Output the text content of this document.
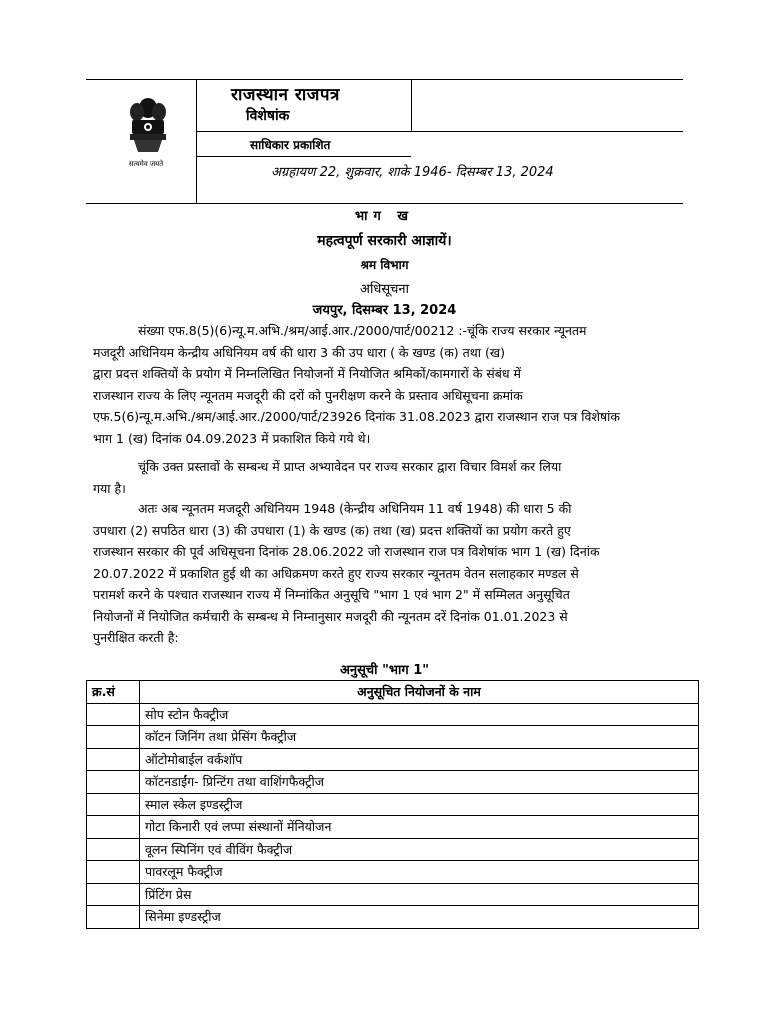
सत्यमेव जयते
राजस्थान राजपत्र
विशेषांक
साधिकार प्रकाशित
अग्रहायण 22, शुक्रवार, शाके 1946- दिसम्बर 13, 2024
भाग ख
महत्वपूर्ण सरकारी आज्ञायें।
श्रम विभाग
अधिसूचना
जयपुर, दिसम्बर 13, 2024
संख्या एफ.8(5)(6)न्यू.म.अभि./श्रम/आई.आर./2000/पार्ट/00212 :-चूंकि राज्य सरकार न्यूनतम
मजदूरी अधिनियम केन्द्रीय अधिनियम वर्ष की धारा 3 की उप धारा ( के खण्ड (क) तथा (ख)
द्वारा प्रदत्त शक्तियों के प्रयोग में निम्नलिखित नियोजनों में नियोजित श्रमिकों/कामगारों के संबंध में
राजस्थान राज्य के लिए न्यूनतम मजदूरी की दरों को पुनरीक्षण करने के प्रस्ताव अधिसूचना क्रमांक
एफ.5(6)न्यू.म.अभि./श्रम/आई.आर./2000/पार्ट/23926 दिनांक 31.08.2023 द्वारा राजस्थान राज पत्र विशेषांक
भाग 1 (ख) दिनांक 04.09.2023 में प्रकाशित किये गये थे।
चूंकि उक्त प्रस्तावों के सम्बन्ध में प्राप्त अभ्यावेदन पर राज्य सरकार द्वारा विचार विमर्श कर लिया
गया है।
अतः अब न्यूनतम मजदूरी अधिनियम 1948 (केन्द्रीय अधिनियम 11 वर्ष 1948) की धारा 5 की
उपधारा (2) सपठित धारा (3) की उपधारा (1) के खण्ड (क) तथा (ख) प्रदत्त शक्तियों का प्रयोग करते हुए
राजस्थान सरकार की पूर्व अधिसूचना दिनांक 28.06.2022 जो राजस्थान राज पत्र विशेषांक भाग 1 (ख) दिनांक
20.07.2022 में प्रकाशित हुई थी का अधिक्रमण करते हुए राज्य सरकार न्यूनतम वेतन सलाहकार मण्डल से
परामर्श करने के पश्चात राजस्थान राज्य में निम्नांकित अनुसूचि "भाग 1 एवं भाग 2" में सम्मिलत अनुसूचित
नियोजनों में नियोजित कर्मचारी के सम्बन्ध मे निम्नानुसार मजदूरी की न्यूनतम दरें दिनांक 01.01.2023 से
पुनरीक्षित करती है:
अनुसूची "भाग 1"
क्र.सं	अनुसूचित नियोजनों के नाम
	सोप स्टोन फैक्ट्रीज
	कॉटन जिनिंग तथा प्रेसिंग फैक्ट्रीज
	ऑटोमोबाईल वर्कशॉप
	कॉटनडाईंग- प्रिन्टिंग तथा वाशिंगफैक्ट्रीज
	स्माल स्केल इण्डस्ट्रीज
	गोटा किनारी एवं लप्पा संस्थानों मेंनियोजन
	वूलन स्पिनिंग एवं वीविंग फैक्ट्रीज
	पावरलूम फैक्ट्रीज
	प्रिंटिंग प्रेस
	सिनेमा इण्डस्ट्रीज
